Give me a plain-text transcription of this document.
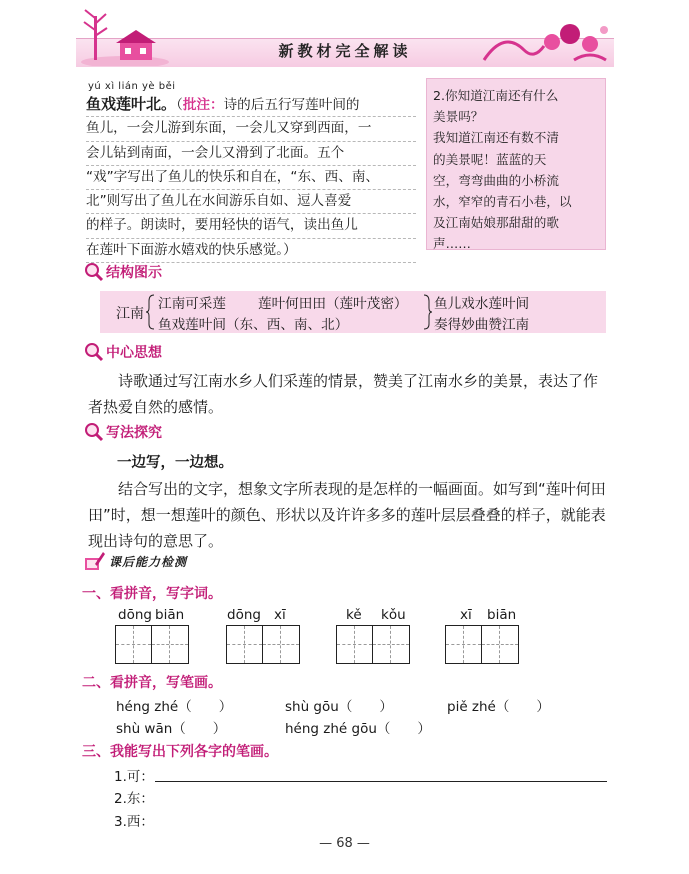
新教材完全解读
yú xì lián yè běi
鱼戏莲叶北。（批注：诗的后五行写莲叶间的
鱼儿，一会儿游到东面，一会儿又穿到西面，一
会儿钻到南面，一会儿又滑到了北面。五个
“戏”字写出了鱼儿的快乐和自在，“东、西、南、
北”则写出了鱼儿在水间游乐自如、逗人喜爱
的样子。朗读时，要用轻快的语气，读出鱼儿
在莲叶下面游水嬉戏的快乐感觉。）
2.你知道江南还有什么
美景吗？
我知道江南还有数不清
的美景呢！蓝蓝的天
空，弯弯曲曲的小桥流
水，窄窄的青石小巷，以
及江南姑娘那甜甜的歌
声……
结构图示
江南
江南可采莲 莲叶何田田（莲叶茂密）
鱼戏莲叶间（东、西、南、北）
鱼儿戏水莲叶间
奏得妙曲赞江南
中心思想
诗歌通过写江南水乡人们采莲的情景，赞美了江南水乡的美景，表达了作者热爱自然的感情。
写法探究
一边写，一边想。
结合写出的文字，想象文字所表现的是怎样的一幅画面。如写到“莲叶何田田”时，想一想莲叶的颜色、形状以及许许多多的莲叶层层叠叠的样子，就能表现出诗句的意思了。
课后能力检测
一、看拼音，写字词。
dōng biān	dōng xī	kě kǒu	xī biān
二、看拼音，写笔画。
héng zhé（　　）	shù gōu（　　）	piě zhé（　　）
shù wān（　　）	héng zhé gōu（　　）
三、我能写出下列各字的笔画。
1.可：
2.东：
3.西：
— 68 —
